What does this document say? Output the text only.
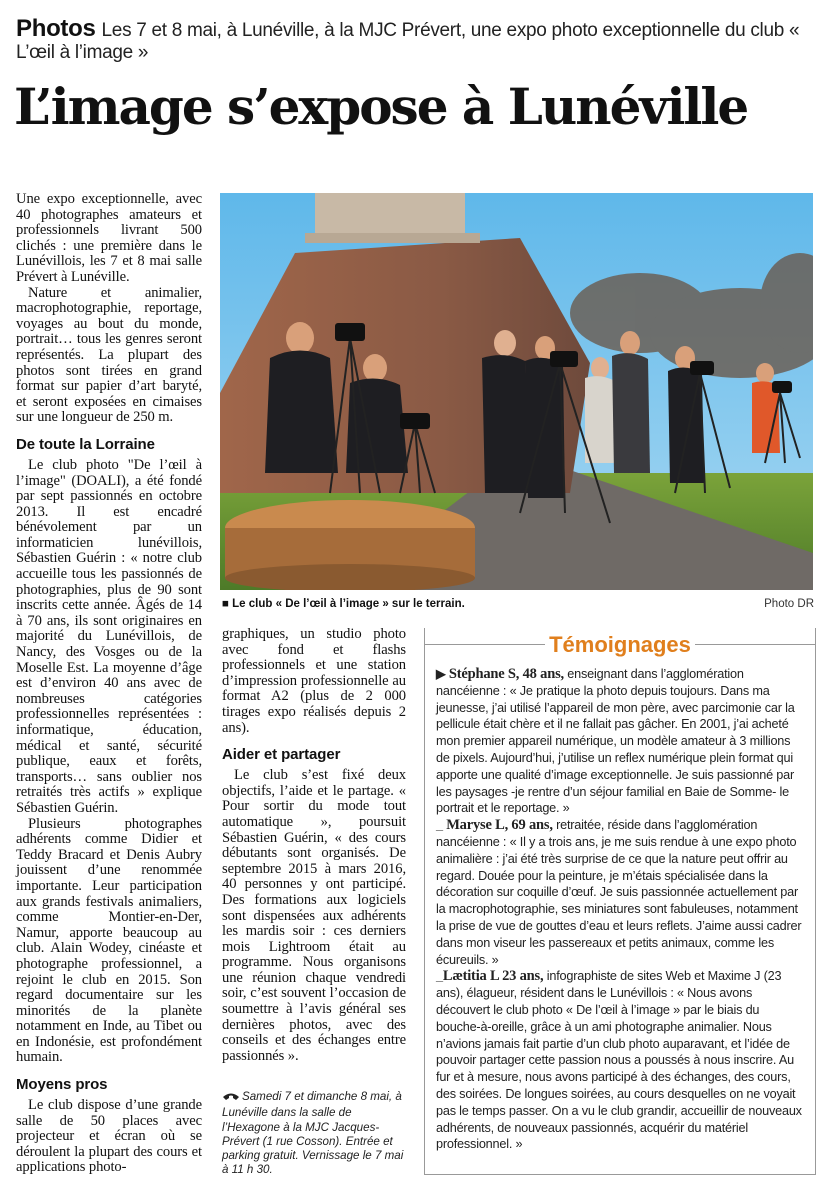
Photos Les 7 et 8 mai, à Lunéville, à la MJC Prévert, une expo photo exceptionnelle du club « L’œil à l’image »
L’image s’expose à Lunéville

Une expo exceptionnelle, avec 40 photographes amateurs et professionnels livrant 500 clichés : une première dans le Lunévillois, les 7 et 8 mai salle Prévert à Lunéville.

Nature et animalier, macrophotographie, reportage, voyages au bout du monde, portrait… tous les genres seront représentés. La plupart des photos sont tirées en grand format sur papier d’art baryté, et seront exposées en cimaises sur une longueur de 250 m.

De toute la Lorraine

Le club photo "De l’œil à l’image" (DOALI), a été fondé par sept passionnés en octobre 2013. Il est encadré bénévolement par un informaticien lunévillois, Sébastien Guérin : « notre club accueille tous les passionnés de photographies, plus de 90 sont inscrits cette année. Âgés de 14 à 70 ans, ils sont originaires en majorité du Lunévillois, de Nancy, des Vosges ou de la Moselle Est. La moyenne d’âge est d’environ 40 ans avec de nombreuses catégories professionnelles représentées : informatique, éducation, médical et santé, sécurité publique, eaux et forêts, transports… sans oublier nos retraités très actifs » explique Sébastien Guérin.

Plusieurs photographes adhérents comme Didier et Teddy Bracard et Denis Aubry jouissent d’une renommée importante. Leur participation aux grands festivals animaliers, comme Montier-en-Der, Namur, apporte beaucoup au club. Alain Wodey, cinéaste et photographe professionnel, a rejoint le club en 2015. Son regard documentaire sur les minorités de la planète notamment en Inde, au Tibet ou en Indonésie, est profondément humain.

Moyens pros

Le club dispose d’une grande salle de 50 places avec projecteur et écran où se déroulent la plupart des cours et applications photo-

■ Le club « De l’œil à l’image » sur le terrain.	Photo DR

graphiques, un studio photo avec fond et flashs professionnels et une station d’impression professionnelle au format A2 (plus de 2 000 tirages expo réalisés depuis 2 ans).

Aider et partager

Le club s’est fixé deux objectifs, l’aide et le partage. « Pour sortir du mode tout automatique », poursuit Sébastien Guérin, « des cours débutants sont organisés. De septembre 2015 à mars 2016, 40 personnes y ont participé. Des formations aux logiciels sont dispensées aux adhérents les mardis soir : ces derniers mois Lightroom était au programme. Nous organisons une réunion chaque vendredi soir, c’est souvent l’occasion de soumettre à l’avis général ses dernières photos, avec des conseils et des échanges entre passionnés ».

Samedi 7 et dimanche 8 mai, à Lunéville dans la salle de l’Hexagone à la MJC Jacques-Prévert (1 rue Cosson). Entrée et parking gratuit. Vernissage le 7 mai à 11 h 30.
Témoignages

▶ Stéphane S, 48 ans, enseignant dans l’agglomération nancéienne : « Je pratique la photo depuis toujours. Dans ma jeunesse, j’ai utilisé l’appareil de mon père, avec parcimonie car la pellicule était chère et il ne fallait pas gâcher. En 2001, j’ai acheté mon premier appareil numérique, un modèle amateur à 3 millions de pixels. Aujourd’hui, j’utilise un reflex numérique plein format qui apporte une qualité d’image exceptionnelle. Je suis passionné par les paysages -je rentre d’un séjour familial en Baie de Somme- le portrait et le reportage. »

_ Maryse L, 69 ans, retraitée, réside dans l’agglomération nancéienne : « Il y a trois ans, je me suis rendue à une expo photo animalière : j’ai été très surprise de ce que la nature peut offrir au regard. Douée pour la peinture, je m’étais spécialisée dans la décoration sur coquille d’œuf. Je suis passionnée actuellement par la macrophotographie, ses miniatures sont fabuleuses, notamment la prise de vue de gouttes d’eau et leurs reflets. J’aime aussi cadrer dans mon viseur les passereaux et petits animaux, comme les écureuils. »

_Lætitia L 23 ans, infographiste de sites Web et Maxime J (23 ans), élagueur, résident dans le Lunévillois : « Nous avons découvert le club photo « De l’œil à l’image » par le biais du bouche-à-oreille, grâce à un ami photographe animalier. Nous n’avions jamais fait partie d’un club photo auparavant, et l’idée de pouvoir partager cette passion nous a poussés à nous inscrire. Au fur et à mesure, nous avons participé à des échanges, des cours, des soirées. De longues soirées, au cours desquelles on ne voyait pas le temps passer. On a vu le club grandir, accueillir de nouveaux adhérents, de nouveaux passionnés, acquérir du matériel professionnel. »
